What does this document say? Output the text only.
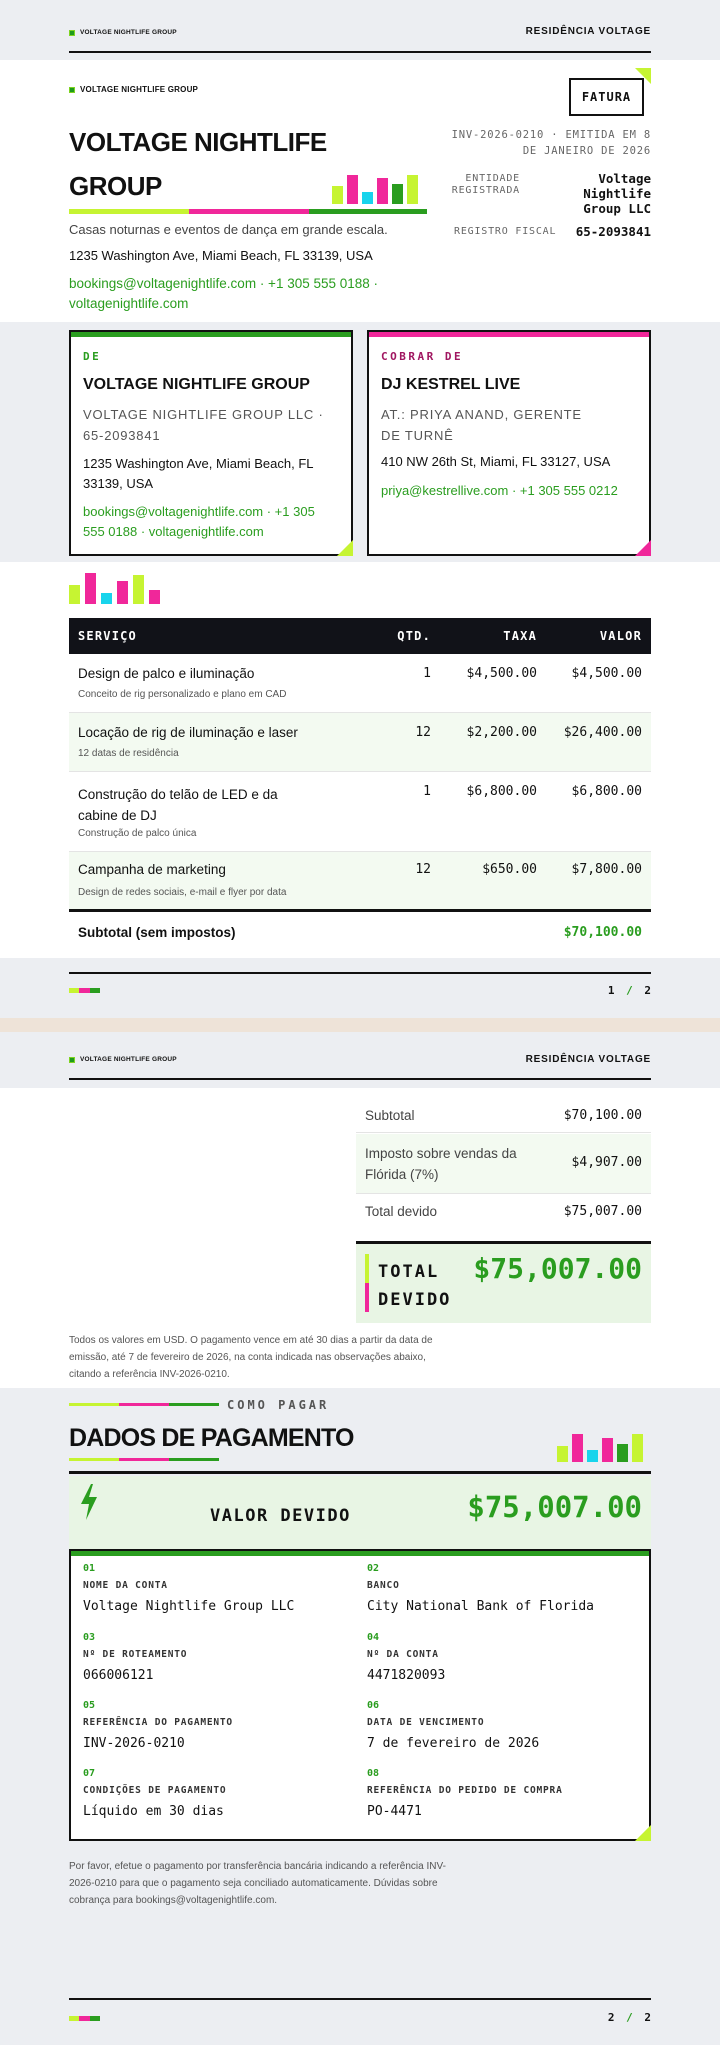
VOLTAGE NIGHTLIFE GROUP	RESIDÊNCIA VOLTAGE
VOLTAGE NIGHTLIFE GROUP
VOLTAGE NIGHTLIFE
GROUP
Casas noturnas e eventos de dança em grande escala.
1235 Washington Ave, Miami Beach, FL 33139, USA
bookings@voltagenightlife.com · +1 305 555 0188 ·
voltagenightlife.com
FATURA
INV-2026-0210 · EMITIDA EM 8
DE JANEIRO DE 2026
ENTIDADE
REGISTRADA
Voltage
Nightlife
Group LLC
REGISTRO FISCAL 65-2093841
DE
VOLTAGE NIGHTLIFE GROUP
VOLTAGE NIGHTLIFE GROUP LLC ·
65-2093841
1235 Washington Ave, Miami Beach, FL
33139, USA
bookings@voltagenightlife.com · +1 305
555 0188 · voltagenightlife.com
COBRAR DE
DJ KESTREL LIVE
AT.: PRIYA ANAND, GERENTE
DE TURNÊ
410 NW 26th St, Miami, FL 33127, USA
priya@kestrellive.com · +1 305 555 0212
SERVIÇO	QTD.	TAXA	VALOR
Design de palco e iluminação
Conceito de rig personalizado e plano em CAD
1	$4,500.00	$4,500.00
Locação de rig de iluminação e laser
12 datas de residência
12	$2,200.00 $26,400.00
Construção do telão de LED e da
cabine de DJ
Construção de palco única
1	$6,800.00	$6,800.00
Campanha de marketing
Design de redes sociais, e-mail e flyer por data
12	$650.00	$7,800.00
Subtotal (sem impostos)	$70,100.00
1 / 2
VOLTAGE NIGHTLIFE GROUP	RESIDÊNCIA VOLTAGE
Subtotal	$70,100.00
Imposto sobre vendas da
Flórida (7%)
$4,907.00
Total devido	$75,007.00
TOTAL
DEVIDO
$75,007.00
Todos os valores em USD. O pagamento vence em até 30 dias a partir da data de
emissão, até 7 de fevereiro de 2026, na conta indicada nas observações abaixo,
citando a referência INV-2026-0210.
COMO PAGAR
DADOS DE PAGAMENTO
VALOR DEVIDO	$75,007.00
01
NOME DA CONTA
Voltage Nightlife Group LLC
02
BANCO
City National Bank of Florida
03
Nº DE ROTEAMENTO
066006121
04
Nº DA CONTA
4471820093
05
REFERÊNCIA DO PAGAMENTO
INV-2026-0210
06
DATA DE VENCIMENTO
7 de fevereiro de 2026
07
CONDIÇÕES DE PAGAMENTO
Líquido em 30 dias
08
REFERÊNCIA DO PEDIDO DE COMPRA
PO-4471
Por favor, efetue o pagamento por transferência bancária indicando a referência INV-
2026-0210 para que o pagamento seja conciliado automaticamente. Dúvidas sobre
cobrança para bookings@voltagenightlife.com.
2 / 2
